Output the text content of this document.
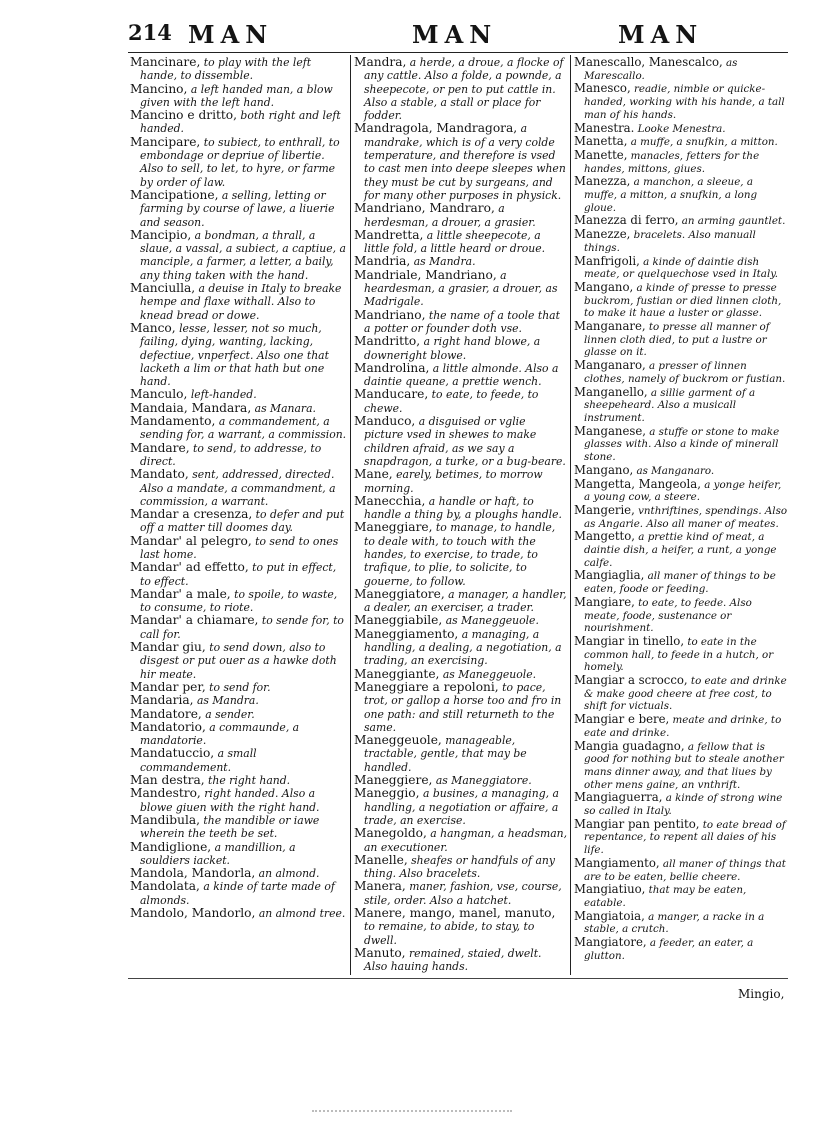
214 MAN	MAN	MAN

Mancinare, to play with the left hande, to dissemble.

Mancino, a left handed man, a blow given with the left hand.

Mancino e dritto, both right and left handed.

Mancipare, to subiect, to enthrall, to embondage or depriue of libertie. Also to sell, to let, to hyre, or farme by order of law.

Mancipatione, a selling, letting or farming by course of lawe, a liuerie and season.

Mancipio, a bondman, a thrall, a slaue, a vassal, a subiect, a captiue, a manciple, a farmer, a letter, a baily, any thing taken with the hand.

Manciulla, a deuise in Italy to breake hempe and flaxe withall. Also to knead bread or dowe.

Manco, lesse, lesser, not so much, failing, dying, wanting, lacking, defectiue, vnperfect. Also one that lacketh a lim or that hath but one hand.

Manculo, left-handed.

Mandaia, Mandara, as Manara.

Mandamento, a commandement, a sending for, a warrant, a commission.

Mandare, to send, to addresse, to direct.

Mandato, sent, addressed, directed. Also a mandate, a commandment, a commission, a warrant.

Mandar a cresenza, to defer and put off a matter till doomes day.

Mandar' al pelegro, to send to ones last home.

Mandar' ad effetto, to put in effect, to effect.

Mandar' a male, to spoile, to waste, to consume, to riote.

Mandar' a chiamare, to sende for, to call for.

Mandar giu, to send down, also to disgest or put ouer as a hawke doth hir meate.

Mandar per, to send for.

Mandaria, as Mandra.

Mandatore, a sender.

Mandatorio, a commaunde, a mandatorie.

Mandatuccio, a small commandement.

Man destra, the right hand.

Mandestro, right handed. Also a blowe giuen with the right hand.

Mandibula, the mandible or iawe wherein the teeth be set.

Mandiglione, a mandillion, a souldiers iacket.

Mandola, Mandorla, an almond.

Mandolata, a kinde of tarte made of almonds.

Mandolo, Mandorlo, an almond tree.

Mandra, a herde, a droue, a flocke of any cattle. Also a folde, a pownde, a sheepecote, or pen to put cattle in. Also a stable, a stall or place for fodder.

Mandragola, Mandragora, a mandrake, which is of a very colde temperature, and therefore is vsed to cast men into deepe sleepes when they must be cut by surgeans, and for many other purposes in physick.

Mandriano, Mandraro, a herdesman, a drouer, a grasier.

Mandretta, a little sheepecote, a little fold, a little heard or droue.

Mandria, as Mandra.

Mandriale, Mandriano, a heardesman, a grasier, a drouer, as Madrigale.

Mandriano, the name of a toole that a potter or founder doth vse.

Mandritto, a right hand blowe, a downeright blowe.

Mandrolina, a little almonde. Also a daintie queane, a prettie wench.

Manducare, to eate, to feede, to chewe.

Manduco, a disguised or vglie picture vsed in shewes to make children afraid, as we say a snapdragon, a turke, or a bug-beare.

Mane, earely, betimes, to morrow morning.

Manecchia, a handle or haft, to handle a thing by, a ploughs handle.

Maneggiare, to manage, to handle, to deale with, to touch with the handes, to exercise, to trade, to trafique, to plie, to solicite, to gouerne, to follow.

Maneggiatore, a manager, a handler, a dealer, an exerciser, a trader.

Maneggiabile, as Maneggeuole.

Maneggiamento, a managing, a handling, a dealing, a negotiation, a trading, an exercising.

Maneggiante, as Maneggeuole.

Maneggiare a repoloni, to pace, trot, or gallop a horse too and fro in one path: and still returneth to the same.

Maneggeuole, manageable, tractable, gentle, that may be handled.

Maneggiere, as Maneggiatore.

Maneggio, a busines, a managing, a handling, a negotiation or affaire, a trade, an exercise.

Manegoldo, a hangman, a headsman, an executioner.

Manelle, sheafes or handfuls of any thing. Also bracelets.

Manera, maner, fashion, vse, course, stile, order. Also a hatchet.

Manere, mango, manel, manuto, to remaine, to abide, to stay, to dwell.

Manuto, remained, staied, dwelt. Also hauing hands.

Manescallo, Manescalco, as Marescallo.

Manesco, readie, nimble or quicke-handed, working with his hande, a tall man of his hands.

Manestra. Looke Menestra.

Manetta, a muffe, a snufkin, a mitton.

Manette, manacles, fetters for the handes, mittons, giues.

Manezza, a manchon, a sleeue, a muffe, a mitton, a snufkin, a long gloue.

Manezza di ferro, an arming gauntlet.

Manezze, bracelets. Also manuall things.

Manfrigoli, a kinde of daintie dish meate, or quelquechose vsed in Italy.

Mangano, a kinde of presse to presse buckrom, fustian or died linnen cloth, to make it haue a luster or glasse.

Manganare, to presse all manner of linnen cloth died, to put a lustre or glasse on it.

Manganaro, a presser of linnen clothes, namely of buckrom or fustian.

Manganello, a sillie garment of a sheepeheard. Also a musicall instrument.

Manganese, a stuffe or stone to make glasses with. Also a kinde of minerall stone.

Mangano, as Manganaro.

Mangetta, Mangeola, a yonge heifer, a young cow, a steere.

Mangerie, vnthriftines, spendings. Also as Angarie. Also all maner of meates.

Mangetto, a prettie kind of meat, a daintie dish, a heifer, a runt, a yonge calfe.

Mangiaglia, all maner of things to be eaten, foode or feeding.

Mangiare, to eate, to feede. Also meate, foode, sustenance or nourishment.

Mangiar in tinello, to eate in the common hall, to feede in a hutch, or homely.

Mangiar a scrocco, to eate and drinke & make good cheere at free cost, to shift for victuals.

Mangiar e bere, meate and drinke, to eate and drinke.

Mangia guadagno, a fellow that is good for nothing but to steale another mans dinner away, and that liues by other mens gaine, an vnthrift.

Mangiaguerra, a kinde of strong wine so called in Italy.

Mangiar pan pentito, to eate bread of repentance, to repent all daies of his life.

Mangiamento, all maner of things that are to be eaten, bellie cheere.

Mangiatiuo, that may be eaten, eatable.

Mangiatoia, a manger, a racke in a stable, a crutch.

Mangiatore, a feeder, an eater, a glutton.

Mingio,
